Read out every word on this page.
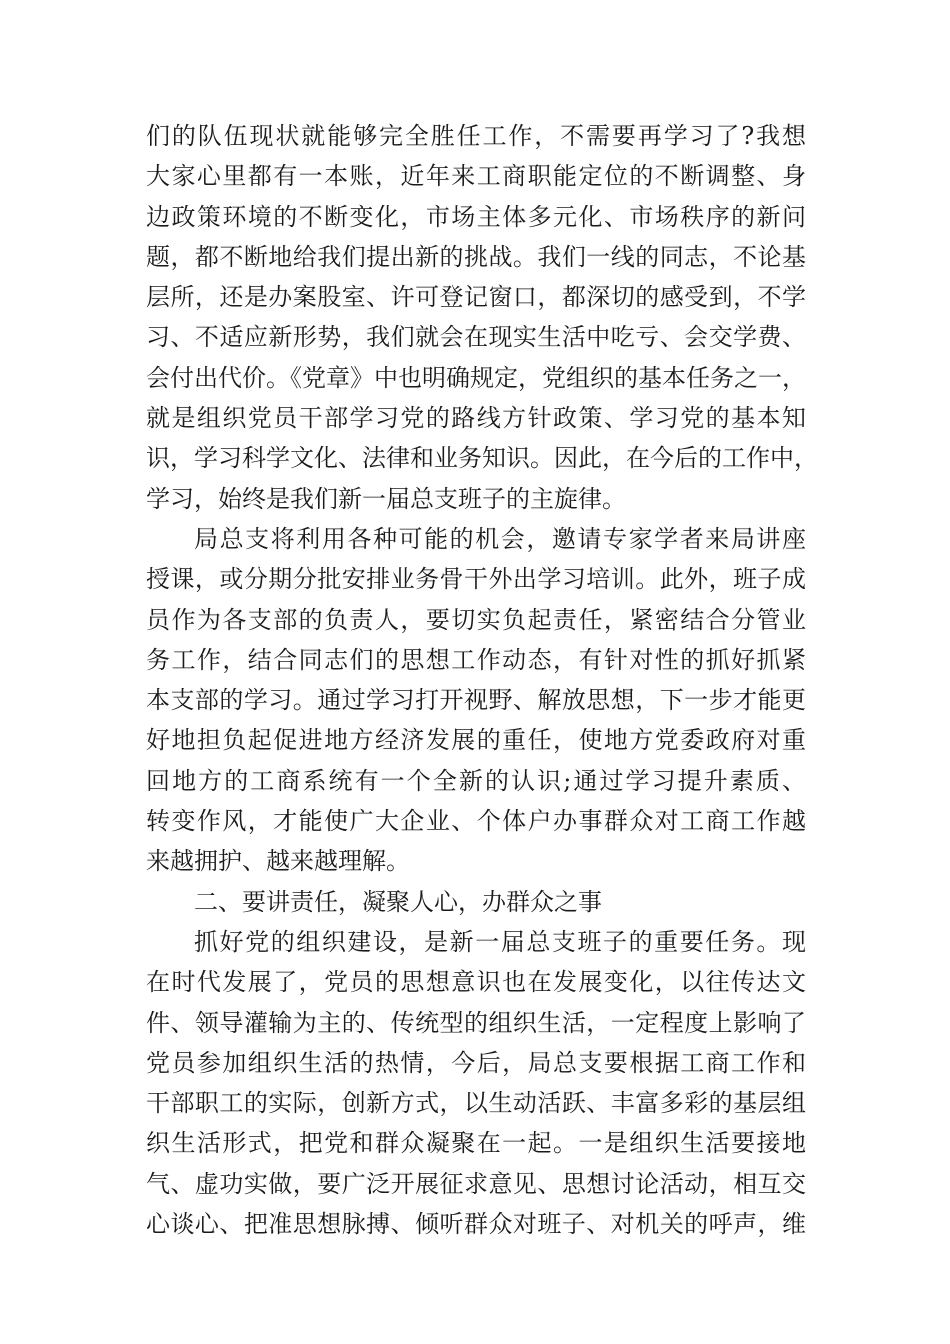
们的队伍现状就能够完全胜任工作，不需要再学习了?我想
大家心里都有一本账，近年来工商职能定位的不断调整、身
边政策环境的不断变化，市场主体多元化、市场秩序的新问
题，都不断地给我们提出新的挑战。我们一线的同志，不论基
层所，还是办案股室、许可登记窗口，都深切的感受到，不学
习、不适应新形势，我们就会在现实生活中吃亏、会交学费、
会付出代价。《党章》中也明确规定，党组织的基本任务之一，
就是组织党员干部学习党的路线方针政策、学习党的基本知
识，学习科学文化、法律和业务知识。因此，在今后的工作中，
学习，始终是我们新一届总支班子的主旋律。
局总支将利用各种可能的机会，邀请专家学者来局讲座
授课，或分期分批安排业务骨干外出学习培训。此外，班子成
员作为各支部的负责人，要切实负起责任，紧密结合分管业
务工作，结合同志们的思想工作动态，有针对性的抓好抓紧
本支部的学习。通过学习打开视野、解放思想，下一步才能更
好地担负起促进地方经济发展的重任，使地方党委政府对重
回地方的工商系统有一个全新的认识;通过学习提升素质、
转变作风，才能使广大企业、个体户办事群众对工商工作越
来越拥护、越来越理解。
二、要讲责任，凝聚人心，办群众之事
抓好党的组织建设，是新一届总支班子的重要任务。现
在时代发展了，党员的思想意识也在发展变化，以往传达文
件、领导灌输为主的、传统型的组织生活，一定程度上影响了
党员参加组织生活的热情，今后，局总支要根据工商工作和
干部职工的实际，创新方式，以生动活跃、丰富多彩的基层组
织生活形式，把党和群众凝聚在一起。一是组织生活要接地
气、虚功实做，要广泛开展征求意见、思想讨论活动，相互交
心谈心、把准思想脉搏、倾听群众对班子、对机关的呼声，维
